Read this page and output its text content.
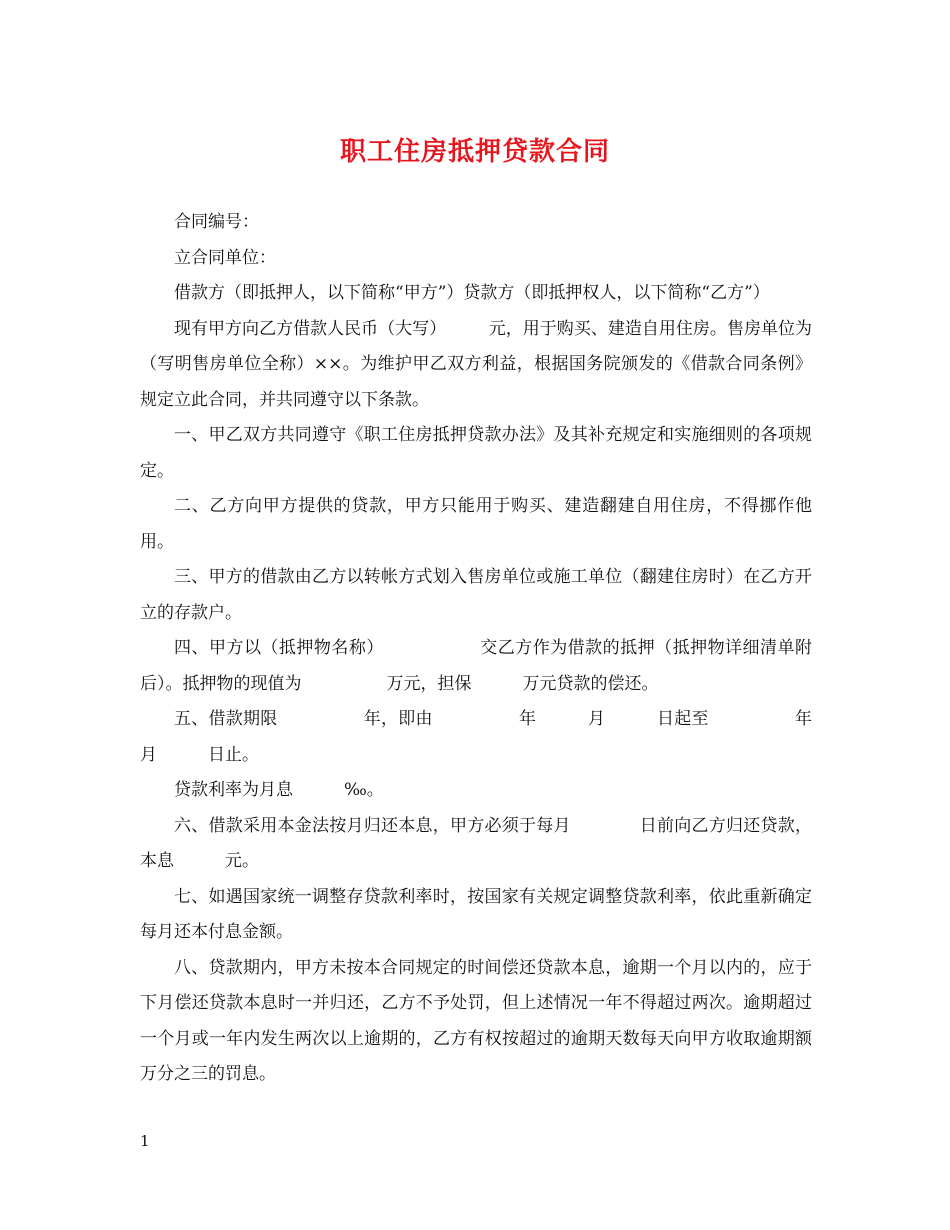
职工住房抵押贷款合同

合同编号：

立合同单位：

借款方（即抵押人，以下简称“甲方”）贷款方（即抵押权人，以下简称“乙方”）

现有甲方向乙方借款人民币（大写）　　　元，用于购买、建造自用住房。售房单位为（写明售房单位全称）××。为维护甲乙双方利益，根据国务院颁发的《借款合同条例》规定立此合同，并共同遵守以下条款。

一、甲乙双方共同遵守《职工住房抵押贷款办法》及其补充规定和实施细则的各项规定。

二、乙方向甲方提供的贷款，甲方只能用于购买、建造翻建自用住房，不得挪作他用。

三、甲方的借款由乙方以转帐方式划入售房单位或施工单位（翻建住房时）在乙方开立的存款户。

四、甲方以（抵押物名称）　　　　　　交乙方作为借款的抵押（抵押物详细清单附后）。抵押物的现值为　　　　　万元，担保　　　万元贷款的偿还。

五、借款期限　　　　　年，即由　　　　　年　　　月　　　日起至　　　　　年　　　月　　　日止。

贷款利率为月息　　　‰。

六、借款采用本金法按月归还本息，甲方必须于每月　　　　日前向乙方归还贷款，本息　　　元。

七、如遇国家统一调整存贷款利率时，按国家有关规定调整贷款利率，依此重新确定每月还本付息金额。

八、贷款期内，甲方未按本合同规定的时间偿还贷款本息，逾期一个月以内的，应于下月偿还贷款本息时一并归还，乙方不予处罚，但上述情况一年不得超过两次。逾期超过一个月或一年内发生两次以上逾期的，乙方有权按超过的逾期天数每天向甲方收取逾期额万分之三的罚息。

1
